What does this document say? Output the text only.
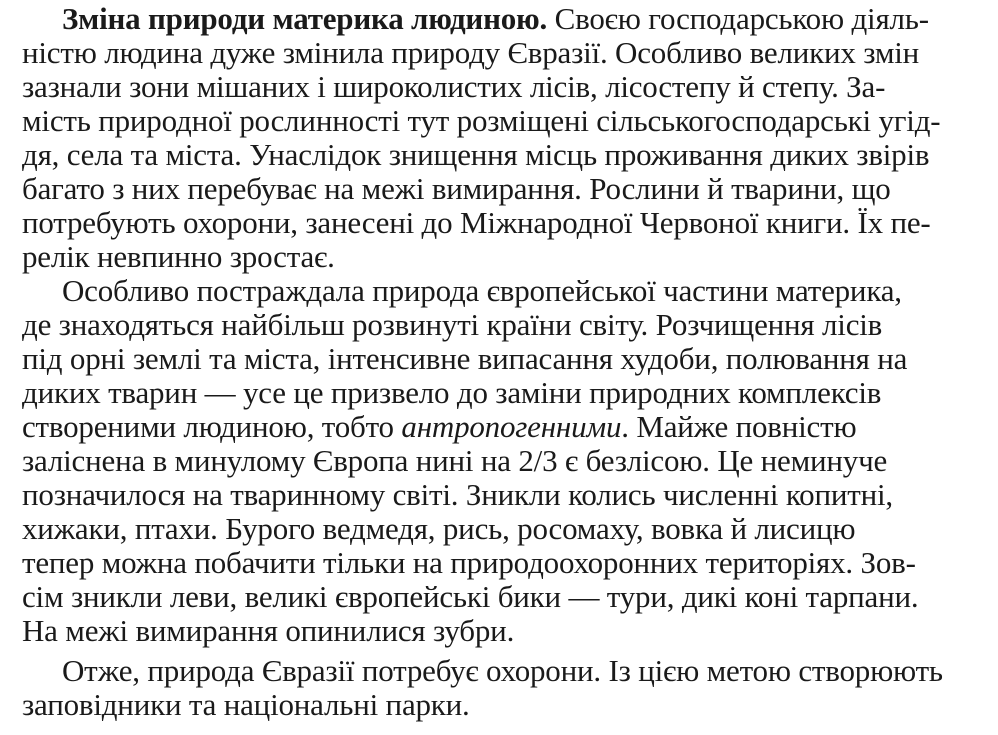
Зміна природи материка людиною. Своєю господарською діяль-
ністю людина дуже змінила природу Євразії. Особливо великих змін
зазнали зони мішаних і широколистих лісів, лісостепу й степу. За-
мість природної рослинності тут розміщені сільськогосподарські угід-
дя, села та міста. Унаслідок знищення місць проживання диких звірів
багато з них перебуває на межі вимирання. Рослини й тварини, що
потребують охорони, занесені до Міжнародної Червоної книги. Їх пе-
релік невпинно зростає.
Особливо постраждала природа європейської частини материка,
де знаходяться найбільш розвинуті країни світу. Розчищення лісів
під орні землі та міста, інтенсивне випасання худоби, полювання на
диких тварин — усе це призвело до заміни природних комплексів
створеними людиною, тобто антропогенними. Майже повністю
заліснена в минулому Європа нині на 2/3 є безлісою. Це неминуче
позначилося на тваринному світі. Зникли колись численні копитні,
хижаки, птахи. Бурого ведмедя, рись, росомаху, вовка й лисицю
тепер можна побачити тільки на природоохоронних територіях. Зов-
сім зникли леви, великі європейські бики — тури, дикі коні тарпани.
На межі вимирання опинилися зубри.
Отже, природа Євразії потребує охорони. Із цією метою створюють
заповідники та національні парки.
